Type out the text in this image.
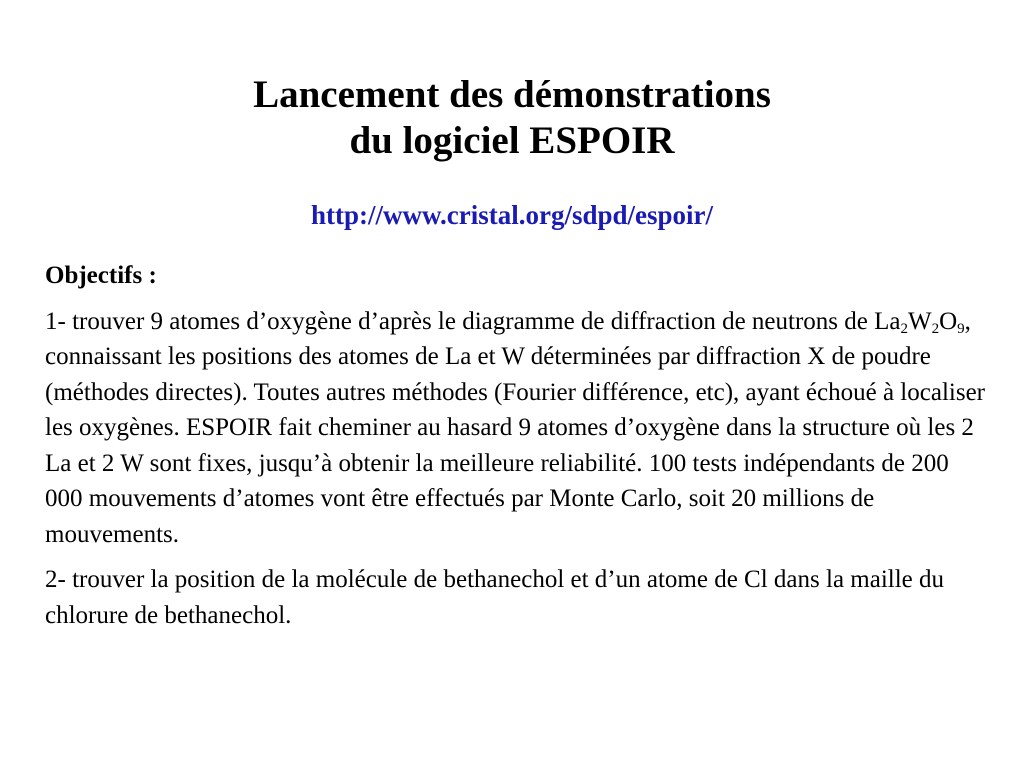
Lancement des démonstrations
du logiciel ESPOIR
http://www.cristal.org/sdpd/espoir/

Objectifs :

1- trouver 9 atomes d’oxygène d’après le diagramme de diffraction de neutrons de $La_2W_2O_9$, connaissant les positions des atomes de La et W déterminées par diffraction X de poudre (méthodes directes). Toutes autres méthodes (Fourier différence, etc), ayant échoué à localiser les oxygènes. ESPOIR fait cheminer au hasard 9 atomes d’oxygène dans la structure où les 2 La et 2 W sont fixes, jusqu’à obtenir la meilleure reliabilité. 100 tests indépendants de 200 000 mouvements d’atomes vont être effectués par Monte Carlo, soit 20 millions de mouvements.

2- trouver la position de la molécule de bethanechol et d’un atome de Cl dans la maille du chlorure de bethanechol.
